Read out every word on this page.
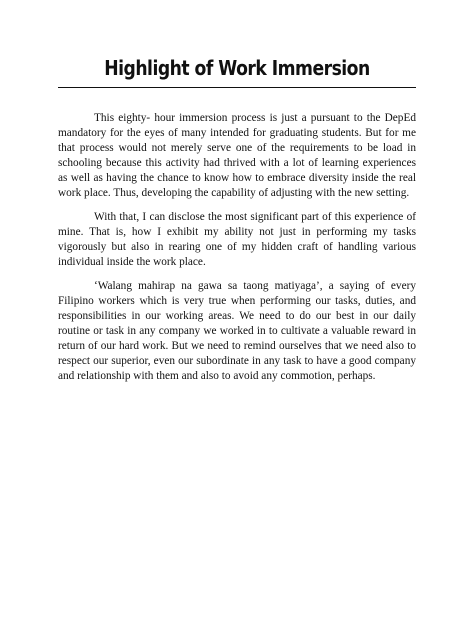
Highlight of Work Immersion

This eighty- hour immersion process is just a pursuant to the DepEd mandatory for the eyes of many intended for graduating students. But for me that process would not merely serve one of the requirements to be load in schooling because this activity had thrived with a lot of learning experiences as well as having the chance to know how to embrace diversity inside the real work place. Thus, developing the capability of adjusting with the new setting.

With that, I can disclose the most significant part of this experience of mine. That is, how I exhibit my ability not just in performing my tasks vigorously but also in rearing one of my hidden craft of handling various individual inside the work place.

‘Walang mahirap na gawa sa taong matiyaga’, a saying of every Filipino workers which is very true when performing our tasks, duties, and responsibilities in our working areas. We need to do our best in our daily routine or task in any company we worked in to cultivate a valuable reward in return of our hard work. But we need to remind ourselves that we need also to respect our superior, even our subordinate in any task to have a good company and relationship with them and also to avoid any commotion, perhaps.
